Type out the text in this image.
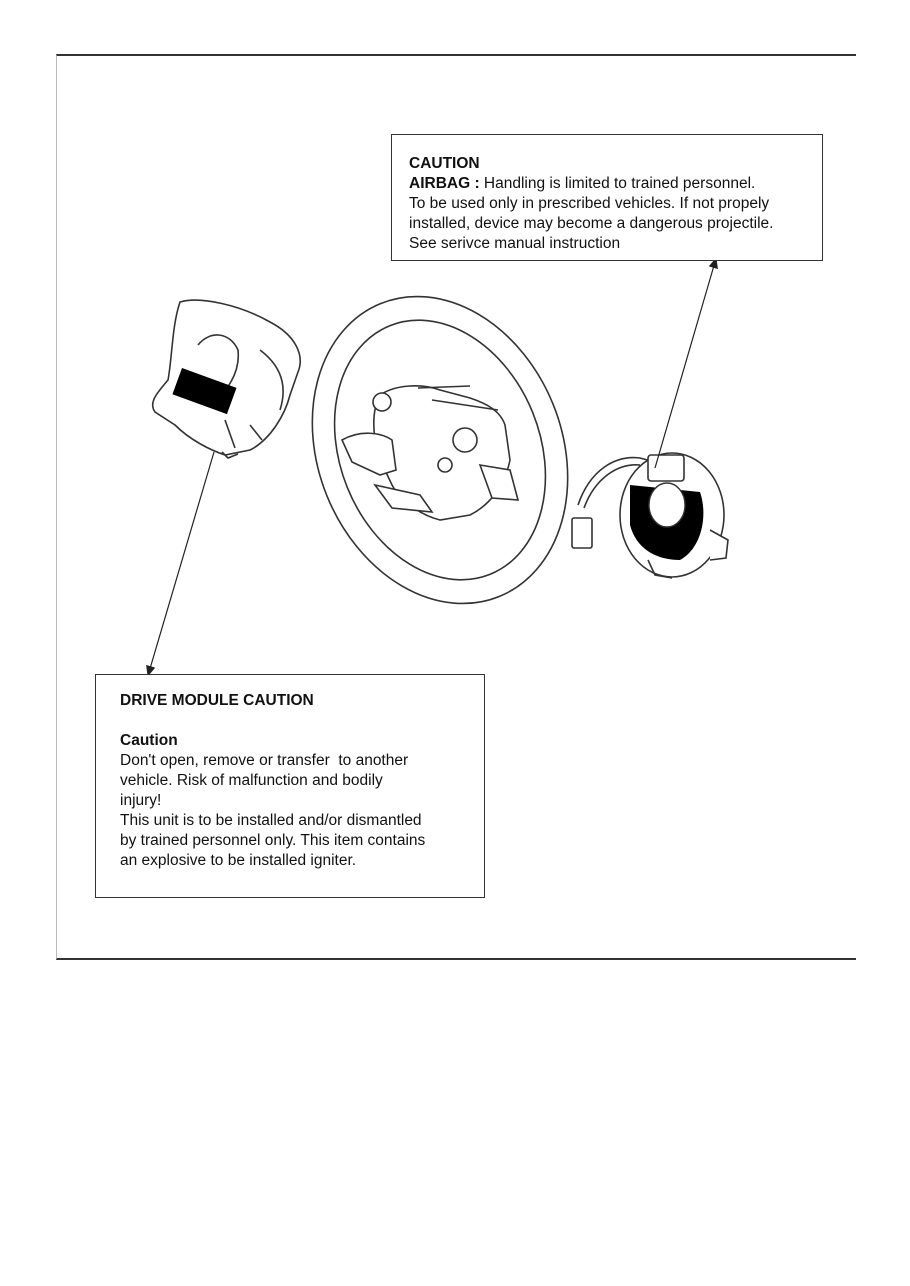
CAUTION
AIRBAG : Handling is limited to trained personnel.
To be used only in prescribed vehicles. If not propely
installed, device may become a dangerous projectile.
See serivce manual instruction
DRIVE MODULE CAUTION
Caution
Don't open, remove or transfer  to another
vehicle. Risk of malfunction and bodily
injury!
This unit is to be installed and/or dismantled
by trained personnel only. This item contains
an explosive to be installed igniter.
